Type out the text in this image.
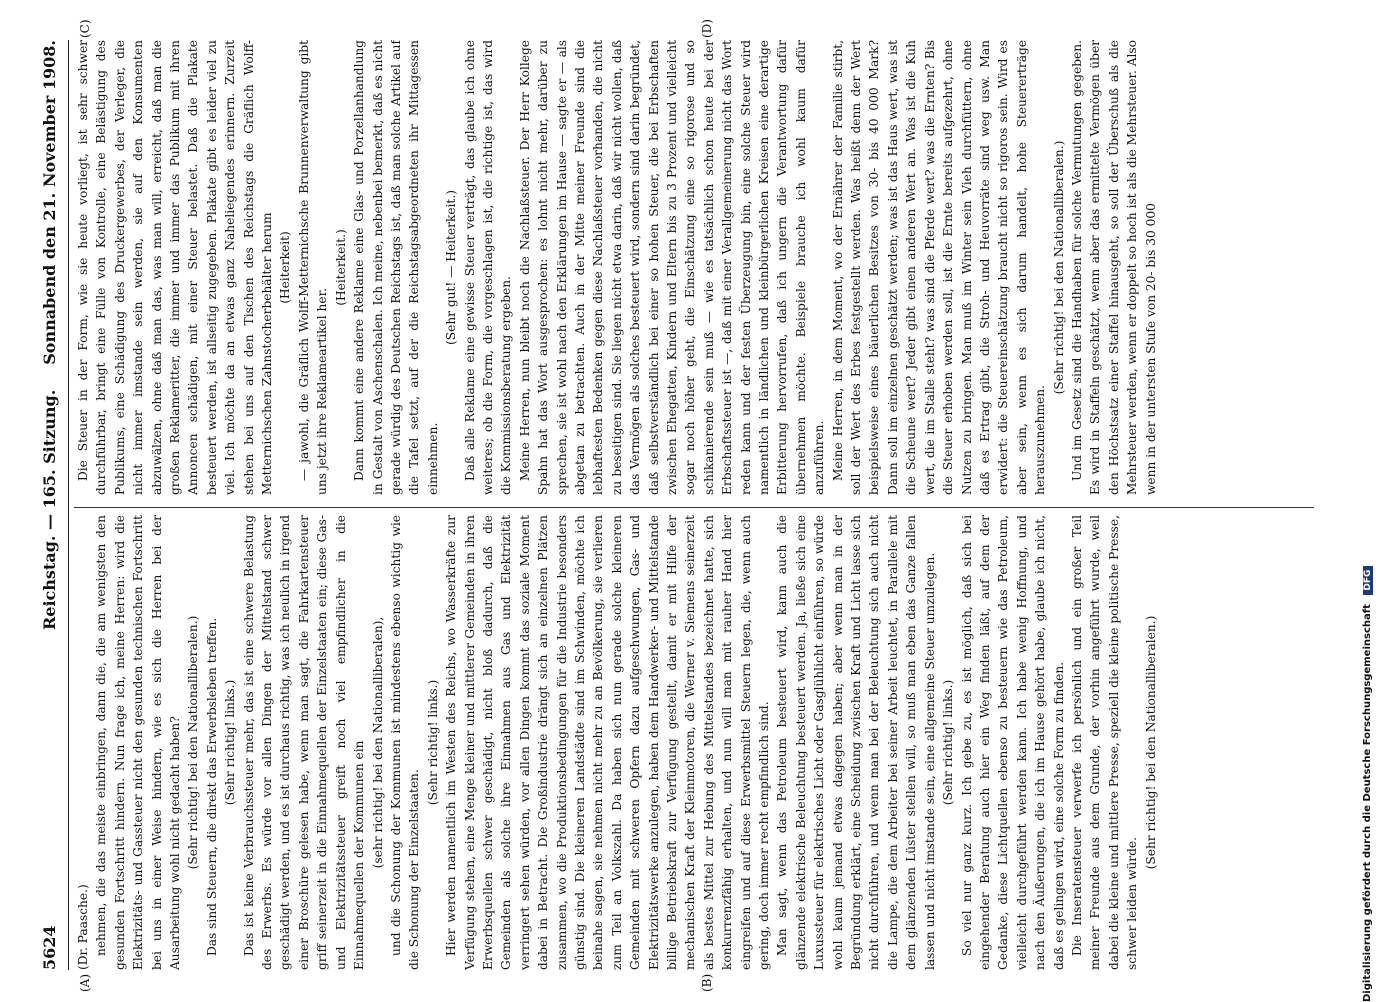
5624
Reichstag. — 165. Sitzung.
Sonnabend den 21. November 1908.
(A)	(B)
(C)	(D)

(Dr. Paasche.) nehmen, die das meiste einbringen, dann die, die am wenigsten den gesunden Fortschritt hindern. Nun frage ich, meine Herren: wird die Elektrizitäts- und Gassteuer nicht den gesunden technischen Fortschritt bei uns in einer Weise hindern, wie es sich die Herren bei der Ausarbeitung wohl nicht gedacht haben? (Sehr richtig! bei den Nationalliberalen.) Das sind Steuern, die direkt das Erwerbsleben treffen. (Sehr richtig! links.) Das ist keine Verbrauchssteuer mehr, das ist eine schwere Belastung des Erwerbs. Es würde vor allen Dingen der Mittelstand schwer geschädigt werden, und es ist durchaus richtig, was ich neulich in irgend einer Broschüre gelesen habe, wenn man sagt, die Fahrkartensteuer griff seinerzeit in die Einnahmequellen der Einzelstaaten ein; diese Gas- und Elektrizitätssteuer greift noch viel empfindlicher in die Einnahmequellen der Kommunen ein (sehr richtig! bei den Nationalliberalen), und die Schonung der Kommunen ist mindestens ebenso wichtig wie die Schonung der Einzelstaaten.

(Sehr richtig! links.) Hier werden namentlich im Westen des Reichs, wo Wasserkräfte zur Verfügung stehen, eine Menge kleiner und mittlerer Gemeinden in ihren Erwerbsquellen schwer geschädigt, nicht bloß dadurch, daß die Gemeinden als solche ihre Einnahmen aus Gas und Elektrizität verringert sehen würden, vor allen Dingen kommt das soziale Moment dabei in Betracht. Die Großindustrie drängt sich an einzelnen Plätzen zusammen, wo die Produktionsbedingungen für die Industrie besonders günstig sind. Die kleineren Landstädte sind im Schwinden, möchte ich beinahe sagen, sie nehmen nicht mehr zu an Bevölkerung, sie verlieren zum Teil an Volkszahl. Da haben sich nun gerade solche kleineren Gemeinden mit schweren Opfern dazu aufgeschwungen, Gas- und Elektrizitätswerke anzulegen, haben dem Handwerker- und Mittelstande billige Betriebskraft zur Verfügung gestellt, damit er mit Hilfe der mechanischen Kraft der Kleinmotoren, die Werner v. Siemens seinerzeit als bestes Mittel zur Hebung des Mittelstandes bezeichnet hatte, sich konkurrenzfähig erhalten, und nun will man mit rauher Hand hier eingreifen und auf diese Erwerbsmittel Steuern legen, die, wenn auch gering, doch immer recht empfindlich sind. Man sagt, wenn das Petroleum besteuert wird, kann auch die glänzende elektrische Beleuchtung besteuert werden. Ja, ließe sich eine Luxussteuer für elektrisches Licht oder Gasglühlicht einführen, so würde wohl kaum jemand etwas dagegen haben; aber wenn man in der Begründung erklärt, eine Scheidung zwischen Kraft und Licht lasse sich nicht durchführen, und wenn man bei der Beleuchtung sich auch nicht die Lampe, die dem Arbeiter bei seiner Arbeit leuchtet, in Parallele mit dem glänzenden Lüster stellen will, so muß man eben das Ganze fallen lassen und nicht imstande sein, eine allgemeine Steuer umzulegen. (Sehr richtig! links.) So viel nur ganz kurz. Ich gebe zu, es ist möglich, daß sich bei eingehender Beratung auch hier ein Weg finden läßt, auf dem der Gedanke, diese Lichtquellen ebenso zu besteuern wie das Petroleum, vielleicht durchgeführt werden kann. Ich habe wenig Hoffnung, und nach den Äußerungen, die ich im Hause gehört habe, glaube ich nicht, daß es gelingen wird, eine solche Form zu finden. Die Inseratensteuer verwerfe ich persönlich und ein großer Teil meiner Freunde aus dem Grunde, der vorhin angeführt wurde, weil dabei die kleine und mittlere Presse, speziell die kleine politische Presse, schwer leiden würde.

(Sehr richtig! bei den Nationalliberalen.)

Die Steuer in der Form, wie sie heute vorliegt, ist sehr schwer durchführbar, bringt eine Fülle von Kontrolle, eine Belästigung des Publikums, eine Schädigung des Druckergewerbes, der Verleger, die nicht immer imstande sein werden, sie auf den Konsumenten abzuwälzen, ohne daß man das, was man will, erreicht, daß man die großen Reklameritter, die immer und immer das Publikum mit ihren Annoncen schädigen, mit einer Steuer belastet. Daß die Plakate besteuert werden, ist allseitig zugegeben. Plakate gibt es leider viel zu viel. Ich möchte da an etwas ganz Naheliegendes erinnern. Zurzeit stehen bei uns auf den Tischen des Reichstags die Gräflich Wolff-Metternichschen Zahnstocherbehälter herum (Heiterkeit) — jawohl, die Gräflich Wolff-Metternichsche Brunnenverwaltung gibt uns jetzt ihre Reklameartikel her.

(Heiterkeit.) Dann kommt eine andere Reklame eine Glas- und Porzellanhandlung in Gestalt von Aschenschalen. Ich meine, nebenbei bemerkt, daß es nicht gerade würdig des Deutschen Reichstags ist, daß man solche Artikel auf die Tafel setzt, auf der die Reichstagsabgeordneten ihr Mittagessen einnehmen.

(Sehr gut! — Heiterkeit.) Daß alle Reklame eine gewisse Steuer verträgt, das glaube ich ohne weiteres; ob die Form, die vorgeschlagen ist, die richtige ist, das wird die Kommissionsberatung ergeben. Meine Herren, nun bleibt noch die Nachlaßsteuer. Der Herr Kollege Spahn hat das Wort ausgesprochen: es lohnt nicht mehr, darüber zu sprechen, sie ist wohl nach den Erklärungen im Hause — sagte er — als abgetan zu betrachten. Auch in der Mitte meiner Freunde sind die lebhaftesten Bedenken gegen diese Nachlaßsteuer vorhanden, die nicht zu beseitigen sind. Sie liegen nicht etwa darin, daß wir nicht wollen, daß das Vermögen als solches besteuert wird, sondern sind darin begründet, daß selbstverständlich bei einer so hohen Steuer, die bei Erbschaften zwischen Ehegatten, Kindern und Eltern bis zu 3 Prozent und vielleicht sogar noch höher geht, die Einschätzung eine so rigorose und so schikanierende sein muß — wie es tatsächlich schon heute bei der Erbschaftssteuer ist —, daß mit einer Verallgemeinerung nicht das Wort reden kann und der festen Überzeugung bin, eine solche Steuer wird namentlich in ländlichen und kleinbürgerlichen Kreisen eine derartige Erbitterung hervorrufen, daß ich ungern die Verantwortung dafür übernehmen möchte. Beispiele brauche ich wohl kaum dafür anzuführen. Meine Herren, in dem Moment, wo der Ernährer der Familie stirbt, soll der Wert des Erbes festgestellt werden. Was heißt denn der Wert beispielsweise eines bäuerlichen Besitzes von 30- bis 40 000 Mark? Dann soll im einzelnen geschätzt werden; was ist das Haus wert, was ist die Scheune wert? Jeder gibt einen anderen Wert an. Was ist die Kuh wert, die im Stalle steht? was sind die Pferde wert? was die Ernten? Bis die Steuer erhoben werden soll, ist die Ernte bereits aufgezehrt, ohne Nutzen zu bringen. Man muß im Winter sein Vieh durchfüttern, ohne daß es Ertrag gibt, die Stroh- und Heuvorräte sind weg usw. Man erwidert: die Steuereinschätzung braucht nicht so rigoros sein. Wird es aber sein, wenn es sich darum handelt, hohe Steuererträge herauszunehmen.

(Sehr richtig! bei den Nationalliberalen.) Und im Gesetz sind die Handhaben für solche Vermutungen gegeben. Es wird in Staffeln geschätzt, wenn aber das ermittelte Vermögen über den Höchstsatz einer Staffel hinausgeht, so soll der Überschuß als die Mehrsteuer werden, wenn er doppelt so hoch ist als die Mehrsteuer. Also wenn in der untersten Stufe von 20- bis 30 000

Digitalisierung gefördert durch die Deutsche Forschungsgemeinschaft DFG
